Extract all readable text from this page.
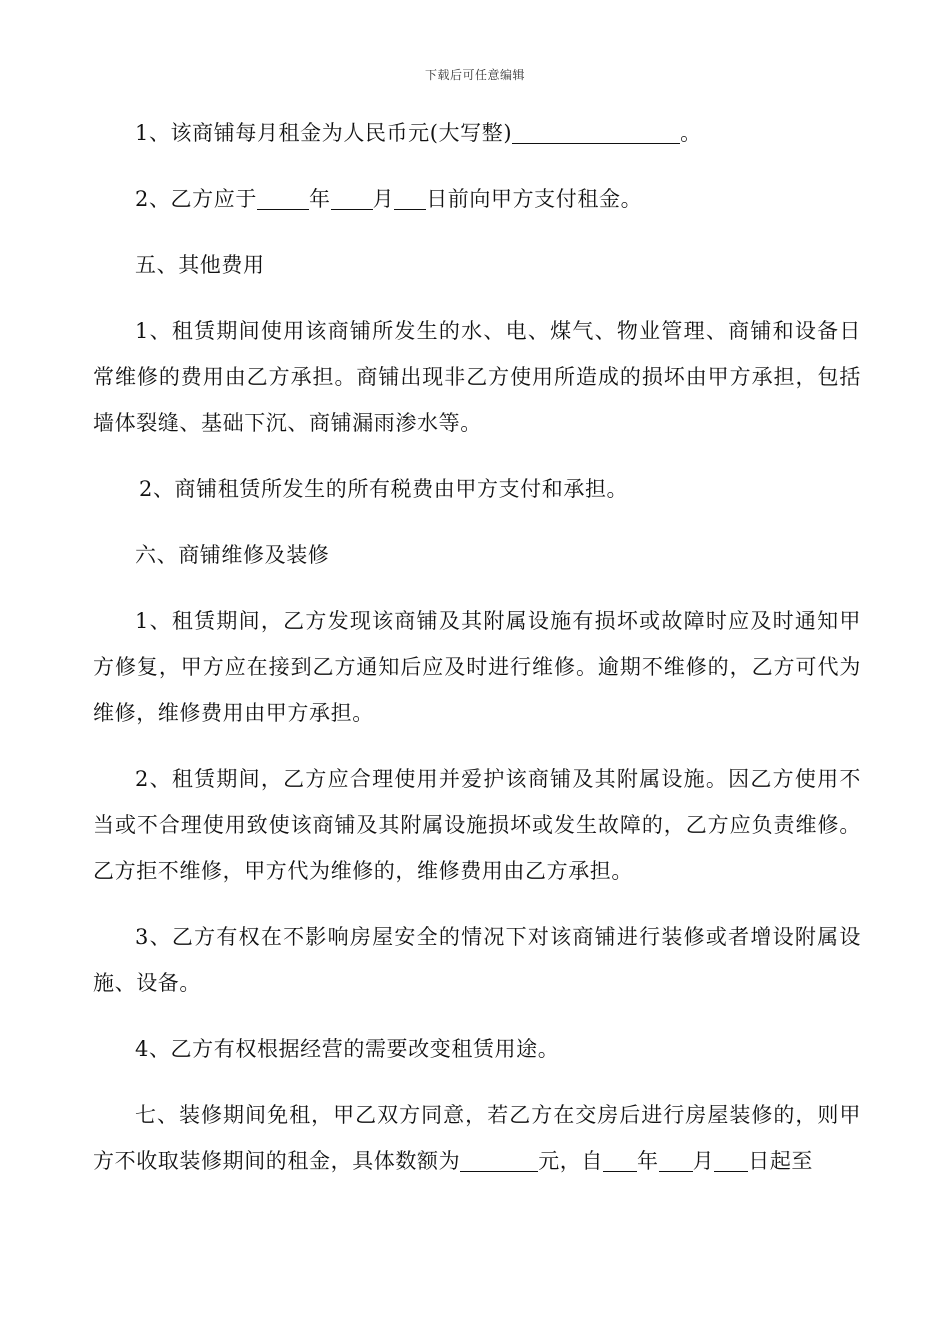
下载后可任意编辑

1、该商铺每月租金为人民币元(大写整)	。

2、乙方应于 年 月 日前向甲方支付租金。

五、其他费用

1、租赁期间使用该商铺所发生的水、电、煤气、物业管理、商铺和设备日常维修的费用由乙方承担。商铺出现非乙方使用所造成的损坏由甲方承担，包括墙体裂缝、基础下沉、商铺漏雨渗水等。

2、商铺租赁所发生的所有税费由甲方支付和承担。

六、商铺维修及装修

1、租赁期间，乙方发现该商铺及其附属设施有损坏或故障时应及时通知甲方修复，甲方应在接到乙方通知后应及时进行维修。逾期不维修的，乙方可代为维修，维修费用由甲方承担。

2、租赁期间，乙方应合理使用并爱护该商铺及其附属设施。因乙方使用不当或不合理使用致使该商铺及其附属设施损坏或发生故障的，乙方应负责维修。乙方拒不维修，甲方代为维修的，维修费用由乙方承担。

3、乙方有权在不影响房屋安全的情况下对该商铺进行装修或者增设附属设施、设备。

4、乙方有权根据经营的需要改变租赁用途。

七、装修期间免租，甲乙双方同意，若乙方在交房后进行房屋装修的，则甲方不收取装修期间的租金，具体数额为	元，自 年 月 日起至
